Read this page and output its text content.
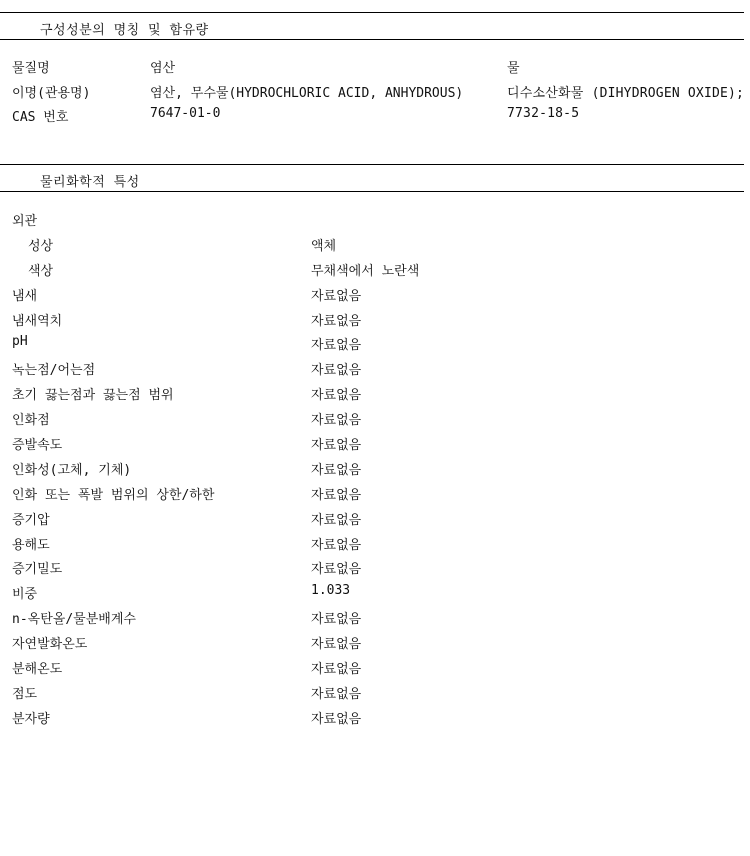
구성성분의 명칭 및 함유량
물질명	염산	물
이명(관용명)	염산, 무수물(HYDROCHLORIC ACID, ANHYDROUS)	디수소산화물 (DIHYDROGEN OXIDE);
CAS 번호	7647-01-0	7732-18-5
물리화학적 특성
외관
성상	액체
색상	무채색에서 노란색
냄새	자료없음
냄새역치	자료없음
pH	자료없음
녹는점/어는점	자료없음
초기 끓는점과 끓는점 범위	자료없음
인화점	자료없음
증발속도	자료없음
인화성(고체, 기체)	자료없음
인화 또는 폭발 범위의 상한/하한	자료없음
증기압	자료없음
용해도	자료없음
증기밀도	자료없음
비중	1.033
n-옥탄올/물분배계수	자료없음
자연발화온도	자료없음
분해온도	자료없음
점도	자료없음
분자량	자료없음
